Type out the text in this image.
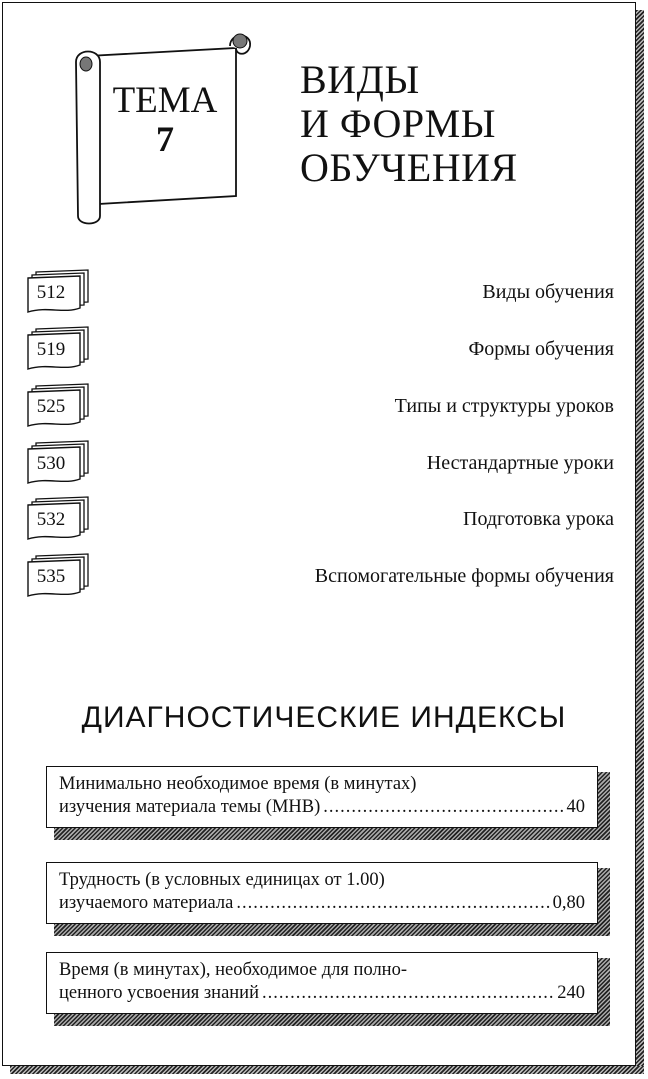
ТЕМА
7
ВИДЫ
И ФОРМЫ
ОБУЧЕНИЯ
512	Виды обучения
519	Формы обучения
525	Типы и структуры уроков
530	Нестандартные уроки
532	Подготовка урока
535	Вспомогательные формы обучения
ДИАГНОСТИЧЕСКИЕ ИНДЕКСЫ
Минимально необходимое время (в минутах)
изучения материала темы (МНВ) .....	40
Трудность (в условных единицах от 1.00)
изучаемого материала .....	0,80
Время (в минутах), необходимое для полно-
ценного усвоения знаний .....	240
